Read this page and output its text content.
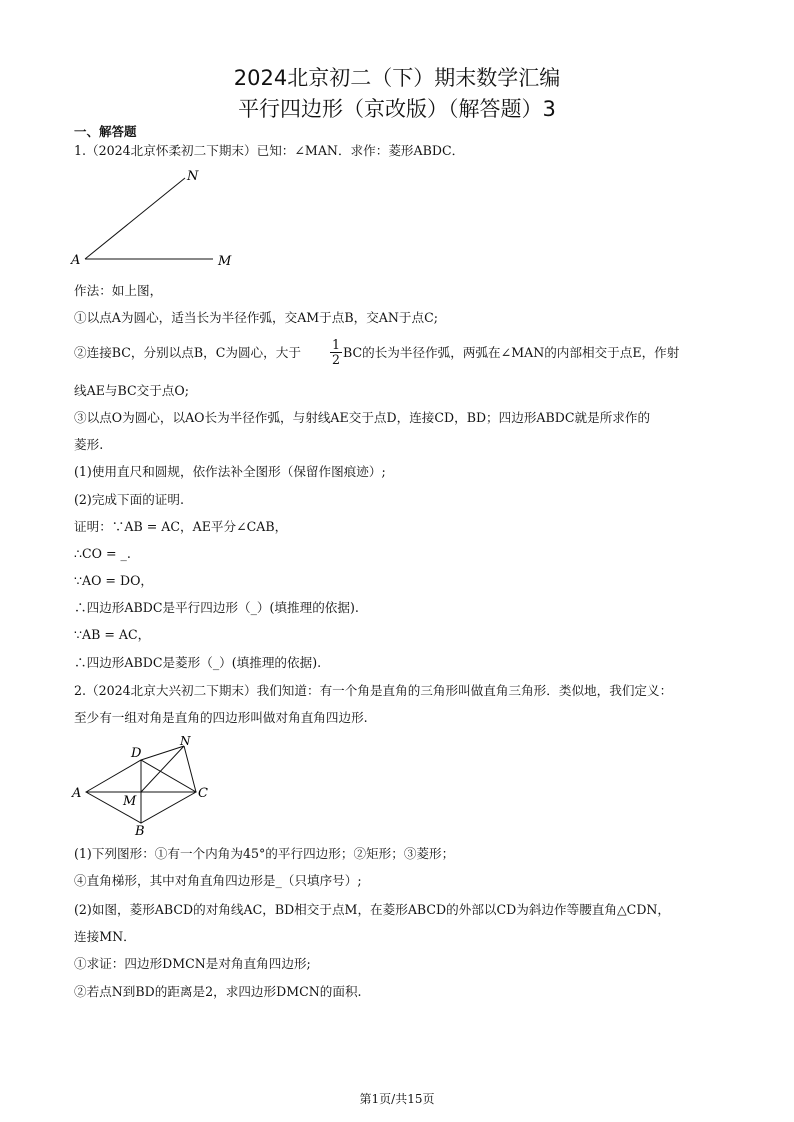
2024北京初二（下）期末数学汇编
平行四边形（京改版）（解答题）3
一、解答题
1.（2024北京怀柔初二下期末）已知：∠MAN．求作：菱形ABDC．
N
A	M
作法：如上图，
①以点A为圆心，适当长为半径作弧，交AM于点B，交AN于点C;
②连接BC，分别以点B，C为圆心，大于 $\frac{1}{2}$ BC的长为半径作弧，两弧在∠MAN的内部相交于点E，作射
线AE与BC交于点O;
③以点O为圆心，以AO长为半径作弧，与射线AE交于点D，连接CD，BD；四边形ABDC就是所求作的
菱形.
(1)使用直尺和圆规，依作法补全图形（保留作图痕迹）;
(2)完成下面的证明.
证明：∵AB = AC，AE平分∠CAB，
∴CO = _.
∵AO = DO，
∴四边形ABDC是平行四边形（_）(填推理的依据).
∵AB = AC，
∴四边形ABDC是菱形（_）(填推理的依据).
2.（2024北京大兴初二下期末）我们知道：有一个角是直角的三角形叫做直角三角形．类似地，我们定义：
至少有一组对角是直角的四边形叫做对角直角四边形.
D
N
A
M
C
B
(1)下列图形：①有一个内角为45°的平行四边形；②矩形；③菱形；
④直角梯形，其中对角直角四边形是_（只填序号）;
(2)如图，菱形ABCD的对角线AC，BD相交于点M，在菱形ABCD的外部以CD为斜边作等腰直角△CDN，
连接MN．
①求证：四边形DMCN是对角直角四边形;
②若点N到BD的距离是2，求四边形DMCN的面积.
第1页/共15页
